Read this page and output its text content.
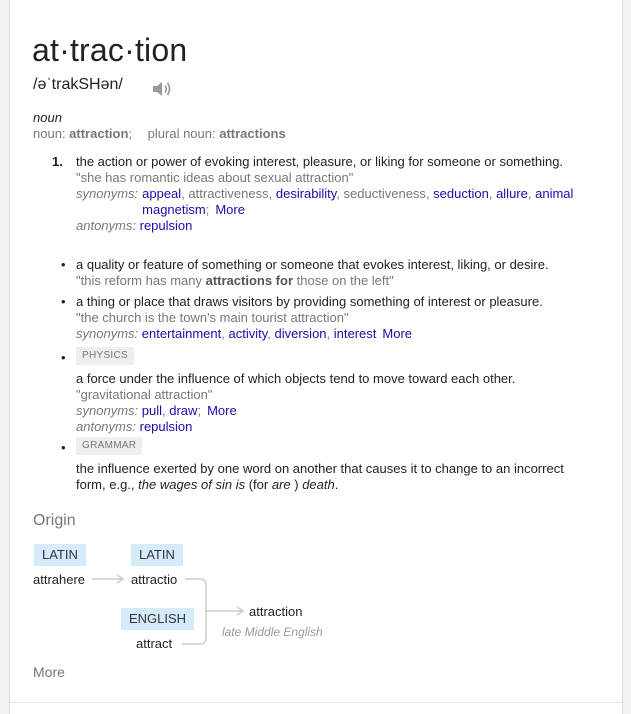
at·trac·tion
/əˈtrakSHən/
noun
noun: attraction; plural noun: attractions
1. the action or power of evoking interest, pleasure, or liking for someone or something.
"she has romantic ideas about sexual attraction"
synonyms: appeal, attractiveness, desirability, seductiveness, seduction, allure, animal magnetism; More
antonyms: repulsion
• a quality or feature of something or someone that evokes interest, liking, or desire.
"this reform has many attractions for those on the left"
• a thing or place that draws visitors by providing something of interest or pleasure.
"the church is the town's main tourist attraction"
synonyms: entertainment, activity, diversion, interest More
•	PHYSICS
a force under the influence of which objects tend to move toward each other.
"gravitational attraction"
synonyms: pull, draw; More
antonyms: repulsion
•	GRAMMAR
the influence exerted by one word on another that causes it to change to an incorrect form, e.g., the wages of sin is (for are ) death.
Origin
LATIN	LATIN
ENGLISH
attrahere	attractio
attract
attraction
late Middle English
More
